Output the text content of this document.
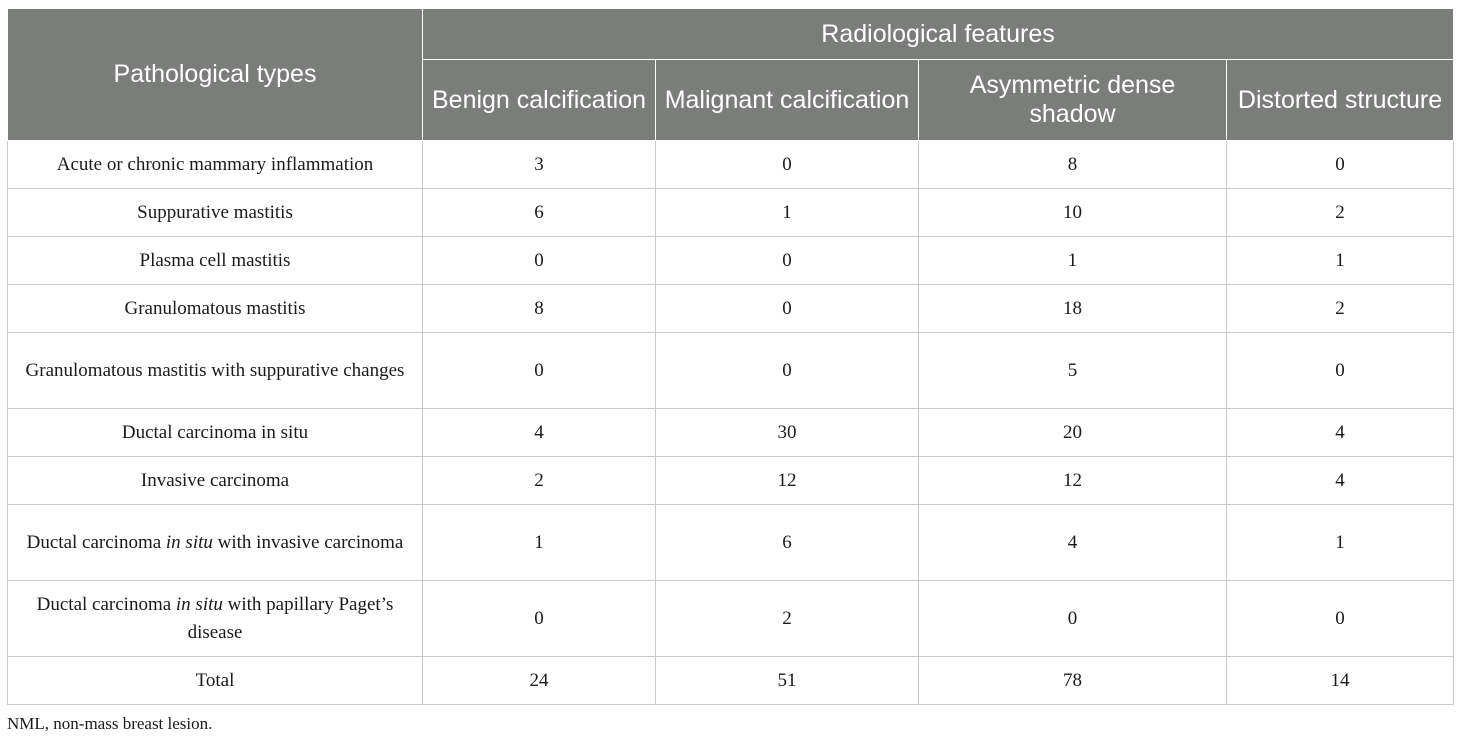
Pathological types	Radiological features			
	Benign calcification	Malignant calcification	Asymmetric dense shadow	Distorted structure
Acute or chronic mammary inflammation	3	0	8	0
Suppurative mastitis	6	1	10	2
Plasma cell mastitis	0	0	1	1
Granulomatous mastitis	8	0	18	2
Granulomatous mastitis with suppurative changes	0	0	5	0
Ductal carcinoma in situ	4	30	20	4
Invasive carcinoma	2	12	12	4
Ductal carcinoma in situ with invasive carcinoma	1	6	4	1
Ductal carcinoma in situ with papillary Paget’s disease	0	2	0	0
Total	24	51	78	14
NML, non-mass breast lesion.
